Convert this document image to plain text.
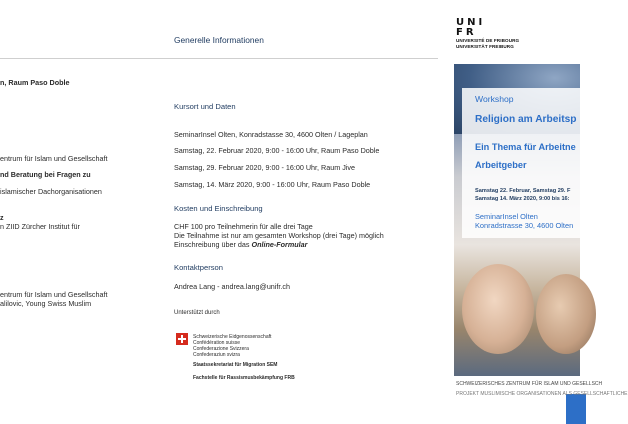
n, Raum Paso Doble
entrum für Islam und Gesellschaft
nd Beratung bei Fragen zu
islamischer Dachorganisationen
z
n ZIID Zürcher Institut für
entrum für Islam und Gesellschaft
alilovic, Young Swiss Muslim
Generelle Informationen
Kursort und Daten
SeminarInsel Olten, Konradstasse 30, 4600 Olten / Lageplan
Samstag, 22. Februar 2020, 9:00 - 16:00 Uhr, Raum Paso Doble
Samstag, 29. Februar 2020, 9:00 - 16:00 Uhr, Raum Jive
Samstag, 14. März 2020, 9:00 - 16:00 Uhr, Raum Paso Doble
Kosten und Einschreibung
CHF 100 pro Teilnehmerin für alle drei Tage
Die Teilnahme ist nur am gesamten Workshop (drei Tage) möglich
Einschreibung über das Online-Formular
Kontaktperson
Andrea Lang - andrea.lang@unifr.ch
Unterstützt durch
Schweizerische Eidgenossenschaft
Confédération suisse
Confederazione Svizzera
Confederaziun svizra
Staatssekretariat für Migration SEM
Fachstelle für Rassismusbekämpfung FRB
UNI
FR
UNIVERSITÉ DE FRIBOURG
UNIVERSITÄT FREIBURG
Workshop
Religion am Arbeitsp
Ein Thema für Arbeitne
Arbeitgeber
Samstag 22. Februar, Samstag 29. F
Samstag 14. März 2020, 9:00 bis 16:
SeminarInsel Olten
Konradstrasse 30, 4600 Olten
SCHWEIZERISCHES ZENTRUM FÜR ISLAM UND GESELLSCH
PROJEKT MUSLIMISCHE ORGANISATIONEN ALS GESELLSCHAFTLICHE
